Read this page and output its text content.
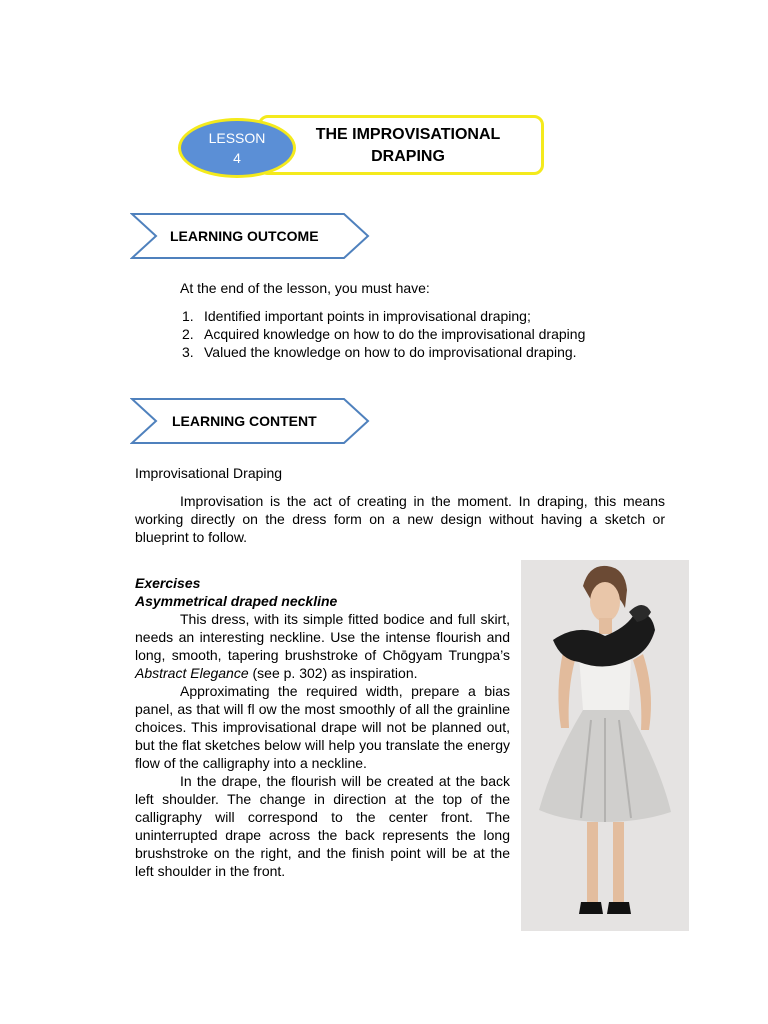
THE IMPROVISATIONAL
DRAPING
LESSON
4
LEARNING OUTCOME
At the end of the lesson, you must have:
1. Identified important points in improvisational draping;
2. Acquired knowledge on how to do the improvisational draping
3. Valued the knowledge on how to do improvisational draping.
LEARNING CONTENT
Improvisational Draping
Improvisation is the act of creating in the moment. In draping, this means working directly on the dress form on a new design without having a sketch or blueprint to follow.
Exercises
Asymmetrical draped neckline
This dress, with its simple fitted bodice and full skirt, needs an interesting neckline. Use the intense flourish and long, smooth, tapering brushstroke of Chōgyam Trungpa’s Abstract Elegance (see p. 302) as inspiration.
Approximating the required width, prepare a bias panel, as that will fl ow the most smoothly of all the grainline choices. This improvisational drape will not be planned out, but the flat sketches below will help you translate the energy flow of the calligraphy into a neckline.
In the drape, the flourish will be created at the back left shoulder. The change in direction at the top of the calligraphy will correspond to the center front. The uninterrupted drape across the back represents the long brushstroke on the right, and the finish point will be at the left shoulder in the front.
